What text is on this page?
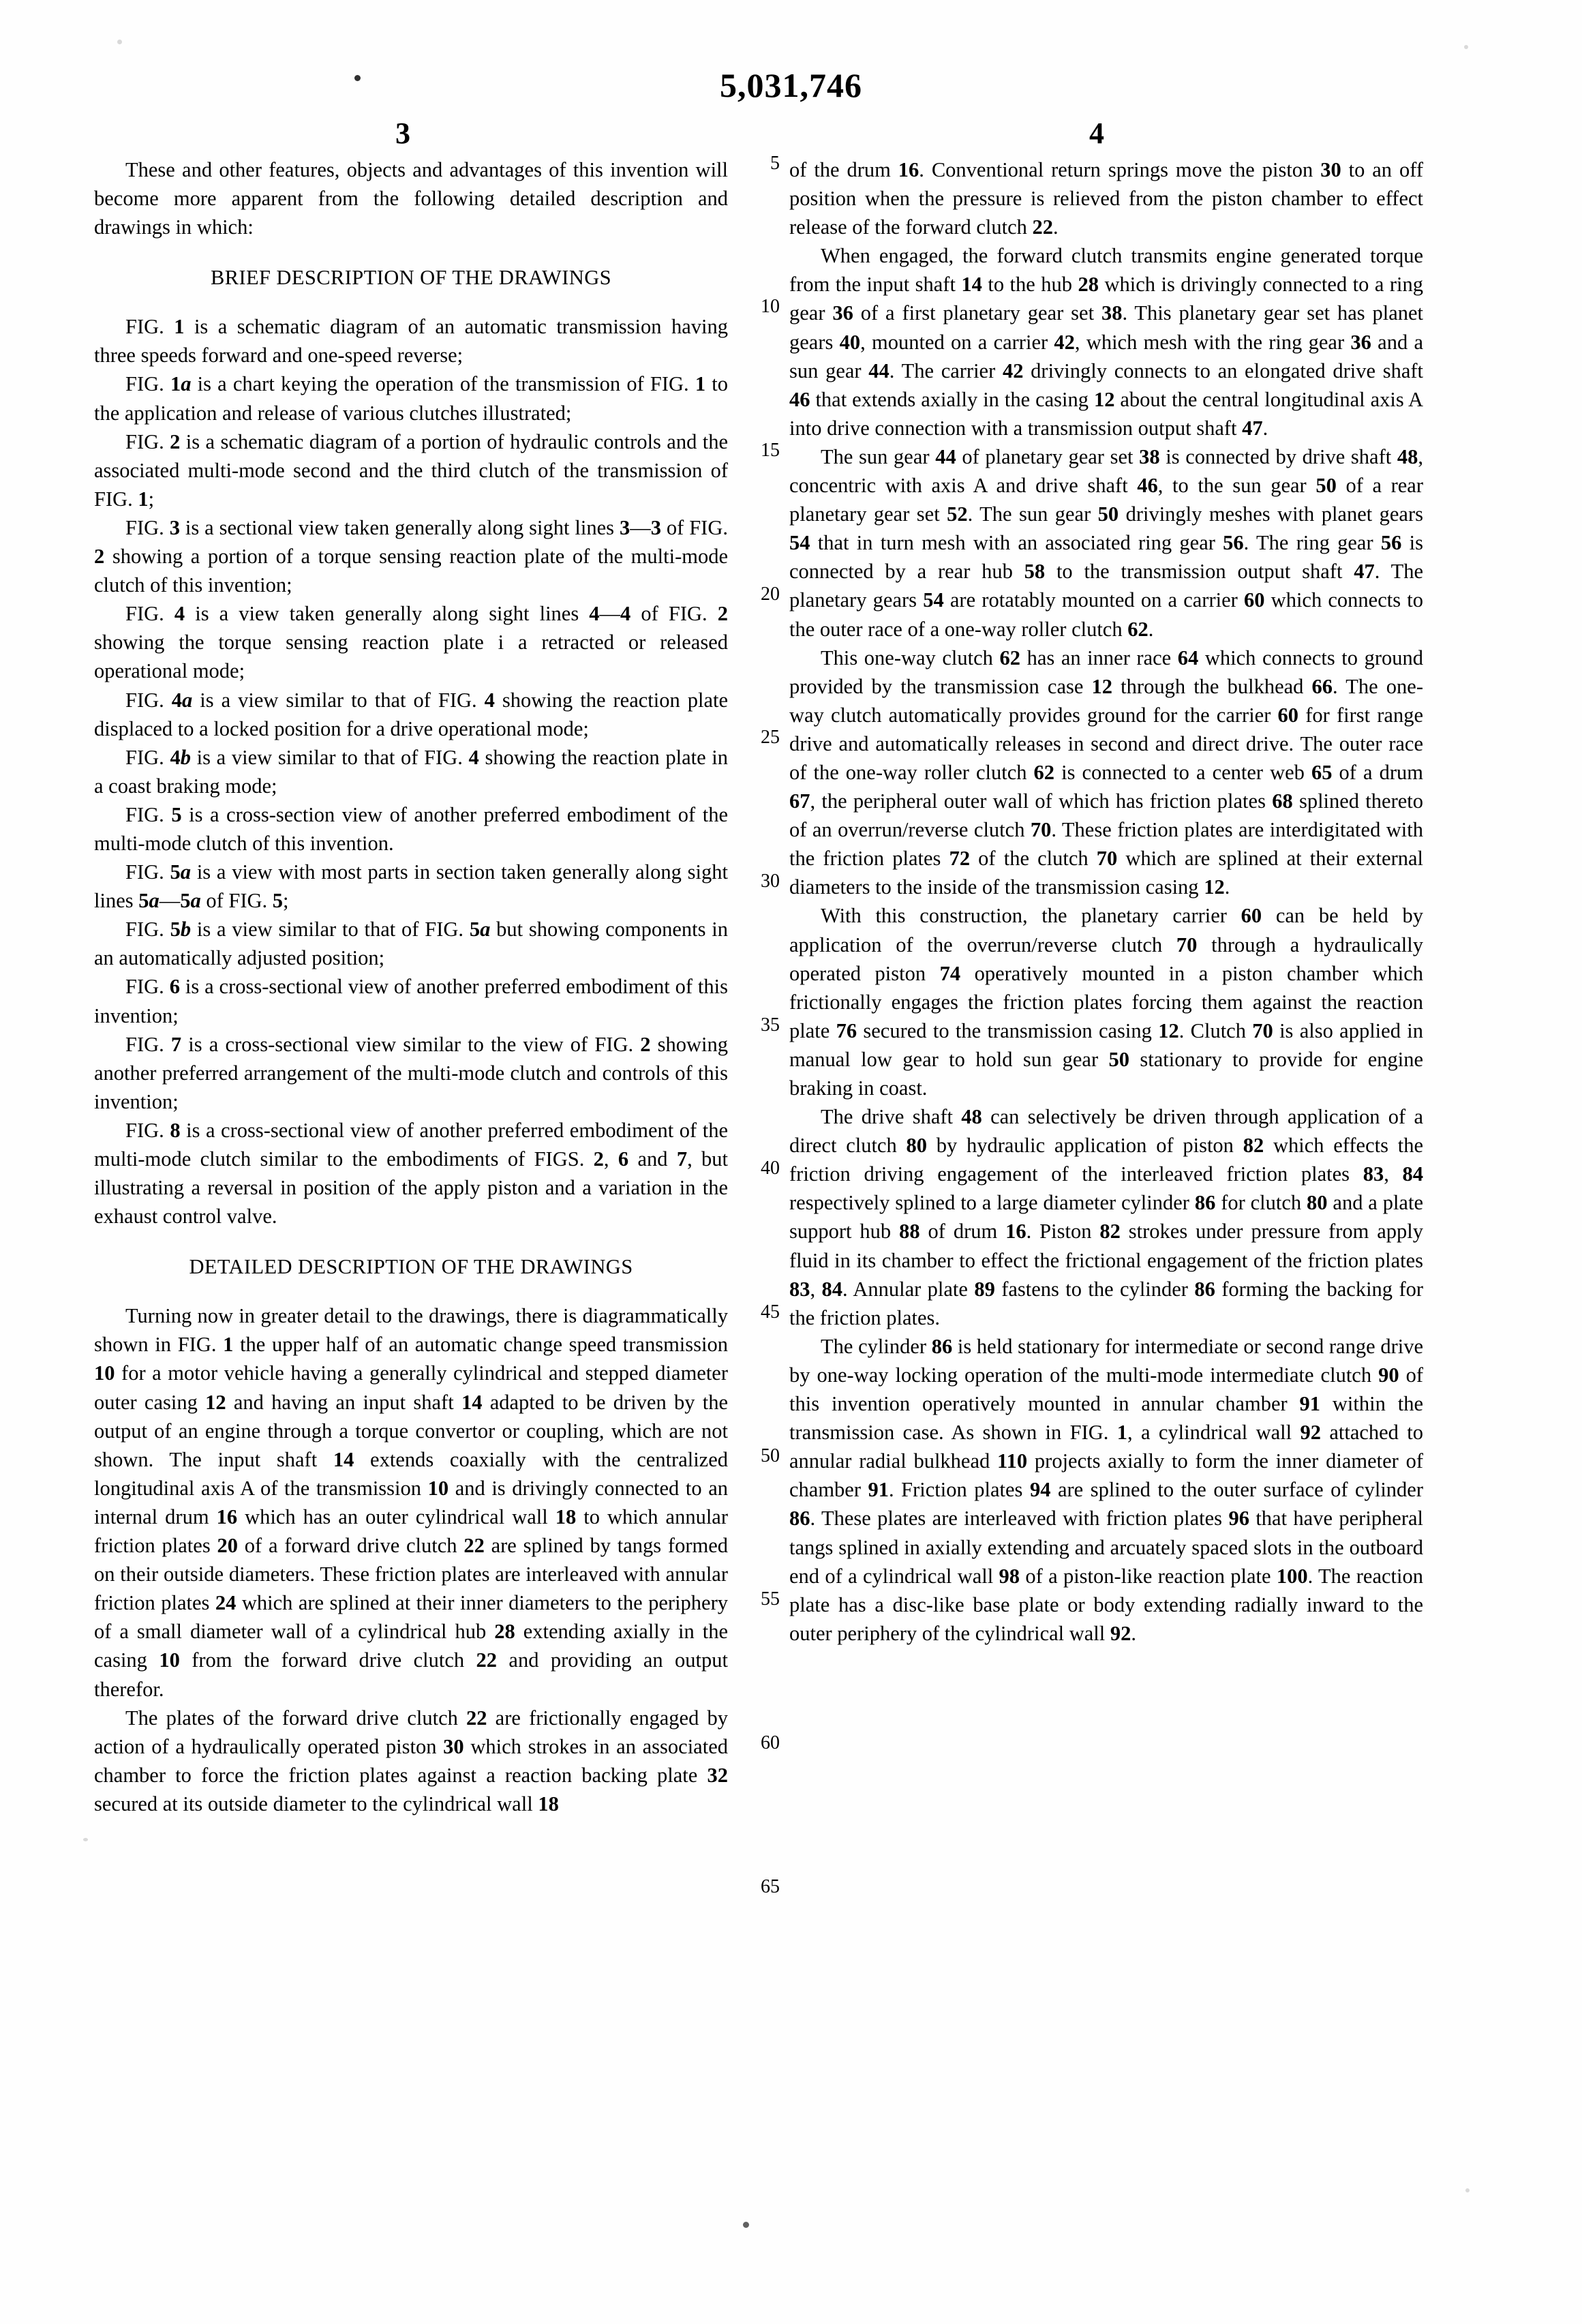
5,031,746
3	4
5
10
15
20
25
30
35
40
45
50
55
60
65

These and other features, objects and advantages of this invention will become more apparent from the following detailed description and drawings in which:

BRIEF DESCRIPTION OF THE DRAWINGS

FIG. 1 is a schematic diagram of an automatic transmission having three speeds forward and one-speed reverse;

FIG. 1a is a chart keying the operation of the transmission of FIG. 1 to the application and release of various clutches illustrated;

FIG. 2 is a schematic diagram of a portion of hydraulic controls and the associated multi-mode second and the third clutch of the transmission of FIG. 1;

FIG. 3 is a sectional view taken generally along sight lines 3—3 of FIG. 2 showing a portion of a torque sensing reaction plate of the multi-mode clutch of this invention;

FIG. 4 is a view taken generally along sight lines 4—4 of FIG. 2 showing the torque sensing reaction plate i a retracted or released operational mode;

FIG. 4a is a view similar to that of FIG. 4 showing the reaction plate displaced to a locked position for a drive operational mode;

FIG. 4b is a view similar to that of FIG. 4 showing the reaction plate in a coast braking mode;

FIG. 5 is a cross-section view of another preferred embodiment of the multi-mode clutch of this invention.

FIG. 5a is a view with most parts in section taken generally along sight lines 5a—5a of FIG. 5;

FIG. 5b is a view similar to that of FIG. 5a but showing components in an automatically adjusted position;

FIG. 6 is a cross-sectional view of another preferred embodiment of this invention;

FIG. 7 is a cross-sectional view similar to the view of FIG. 2 showing another preferred arrangement of the multi-mode clutch and controls of this invention;

FIG. 8 is a cross-sectional view of another preferred embodiment of the multi-mode clutch similar to the embodiments of FIGS. 2, 6 and 7, but illustrating a reversal in position of the apply piston and a variation in the exhaust control valve.

DETAILED DESCRIPTION OF THE DRAWINGS

Turning now in greater detail to the drawings, there is diagrammatically shown in FIG. 1 the upper half of an automatic change speed transmission 10 for a motor vehicle having a generally cylindrical and stepped diameter outer casing 12 and having an input shaft 14 adapted to be driven by the output of an engine through a torque convertor or coupling, which are not shown. The input shaft 14 extends coaxially with the centralized longitudinal axis A of the transmission 10 and is drivingly connected to an internal drum 16 which has an outer cylindrical wall 18 to which annular friction plates 20 of a forward drive clutch 22 are splined by tangs formed on their outside diameters. These friction plates are interleaved with annular friction plates 24 which are splined at their inner diameters to the periphery of a small diameter wall of a cylindrical hub 28 extending axially in the casing 10 from the forward drive clutch 22 and providing an output therefor.

The plates of the forward drive clutch 22 are frictionally engaged by action of a hydraulically operated piston 30 which strokes in an associated chamber to force the friction plates against a reaction backing plate 32 secured at its outside diameter to the cylindrical wall 18

of the drum 16. Conventional return springs move the piston 30 to an off position when the pressure is relieved from the piston chamber to effect release of the forward clutch 22.

When engaged, the forward clutch transmits engine generated torque from the input shaft 14 to the hub 28 which is drivingly connected to a ring gear 36 of a first planetary gear set 38. This planetary gear set has planet gears 40, mounted on a carrier 42, which mesh with the ring gear 36 and a sun gear 44. The carrier 42 drivingly connects to an elongated drive shaft 46 that extends axially in the casing 12 about the central longitudinal axis A into drive connection with a transmission output shaft 47.

The sun gear 44 of planetary gear set 38 is connected by drive shaft 48, concentric with axis A and drive shaft 46, to the sun gear 50 of a rear planetary gear set 52. The sun gear 50 drivingly meshes with planet gears 54 that in turn mesh with an associated ring gear 56. The ring gear 56 is connected by a rear hub 58 to the transmission output shaft 47. The planetary gears 54 are rotatably mounted on a carrier 60 which connects to the outer race of a one-way roller clutch 62.

This one-way clutch 62 has an inner race 64 which connects to ground provided by the transmission case 12 through the bulkhead 66. The one-way clutch automatically provides ground for the carrier 60 for first range drive and automatically releases in second and direct drive. The outer race of the one-way roller clutch 62 is connected to a center web 65 of a drum 67, the peripheral outer wall of which has friction plates 68 splined thereto of an overrun/reverse clutch 70. These friction plates are interdigitated with the friction plates 72 of the clutch 70 which are splined at their external diameters to the inside of the transmission casing 12.

With this construction, the planetary carrier 60 can be held by application of the overrun/reverse clutch 70 through a hydraulically operated piston 74 operatively mounted in a piston chamber which frictionally engages the friction plates forcing them against the reaction plate 76 secured to the transmission casing 12. Clutch 70 is also applied in manual low gear to hold sun gear 50 stationary to provide for engine braking in coast.

The drive shaft 48 can selectively be driven through application of a direct clutch 80 by hydraulic application of piston 82 which effects the friction driving engagement of the interleaved friction plates 83, 84 respectively splined to a large diameter cylinder 86 for clutch 80 and a plate support hub 88 of drum 16. Piston 82 strokes under pressure from apply fluid in its chamber to effect the frictional engagement of the friction plates 83, 84. Annular plate 89 fastens to the cylinder 86 forming the backing for the friction plates.

The cylinder 86 is held stationary for intermediate or second range drive by one-way locking operation of the multi-mode intermediate clutch 90 of this invention operatively mounted in annular chamber 91 within the transmission case. As shown in FIG. 1, a cylindrical wall 92 attached to annular radial bulkhead 110 projects axially to form the inner diameter of chamber 91. Friction plates 94 are splined to the outer surface of cylinder 86. These plates are interleaved with friction plates 96 that have peripheral tangs splined in axially extending and arcuately spaced slots in the outboard end of a cylindrical wall 98 of a piston-like reaction plate 100. The reaction plate has a disc-like base plate or body extending radially inward to the outer periphery of the cylindrical wall 92.
